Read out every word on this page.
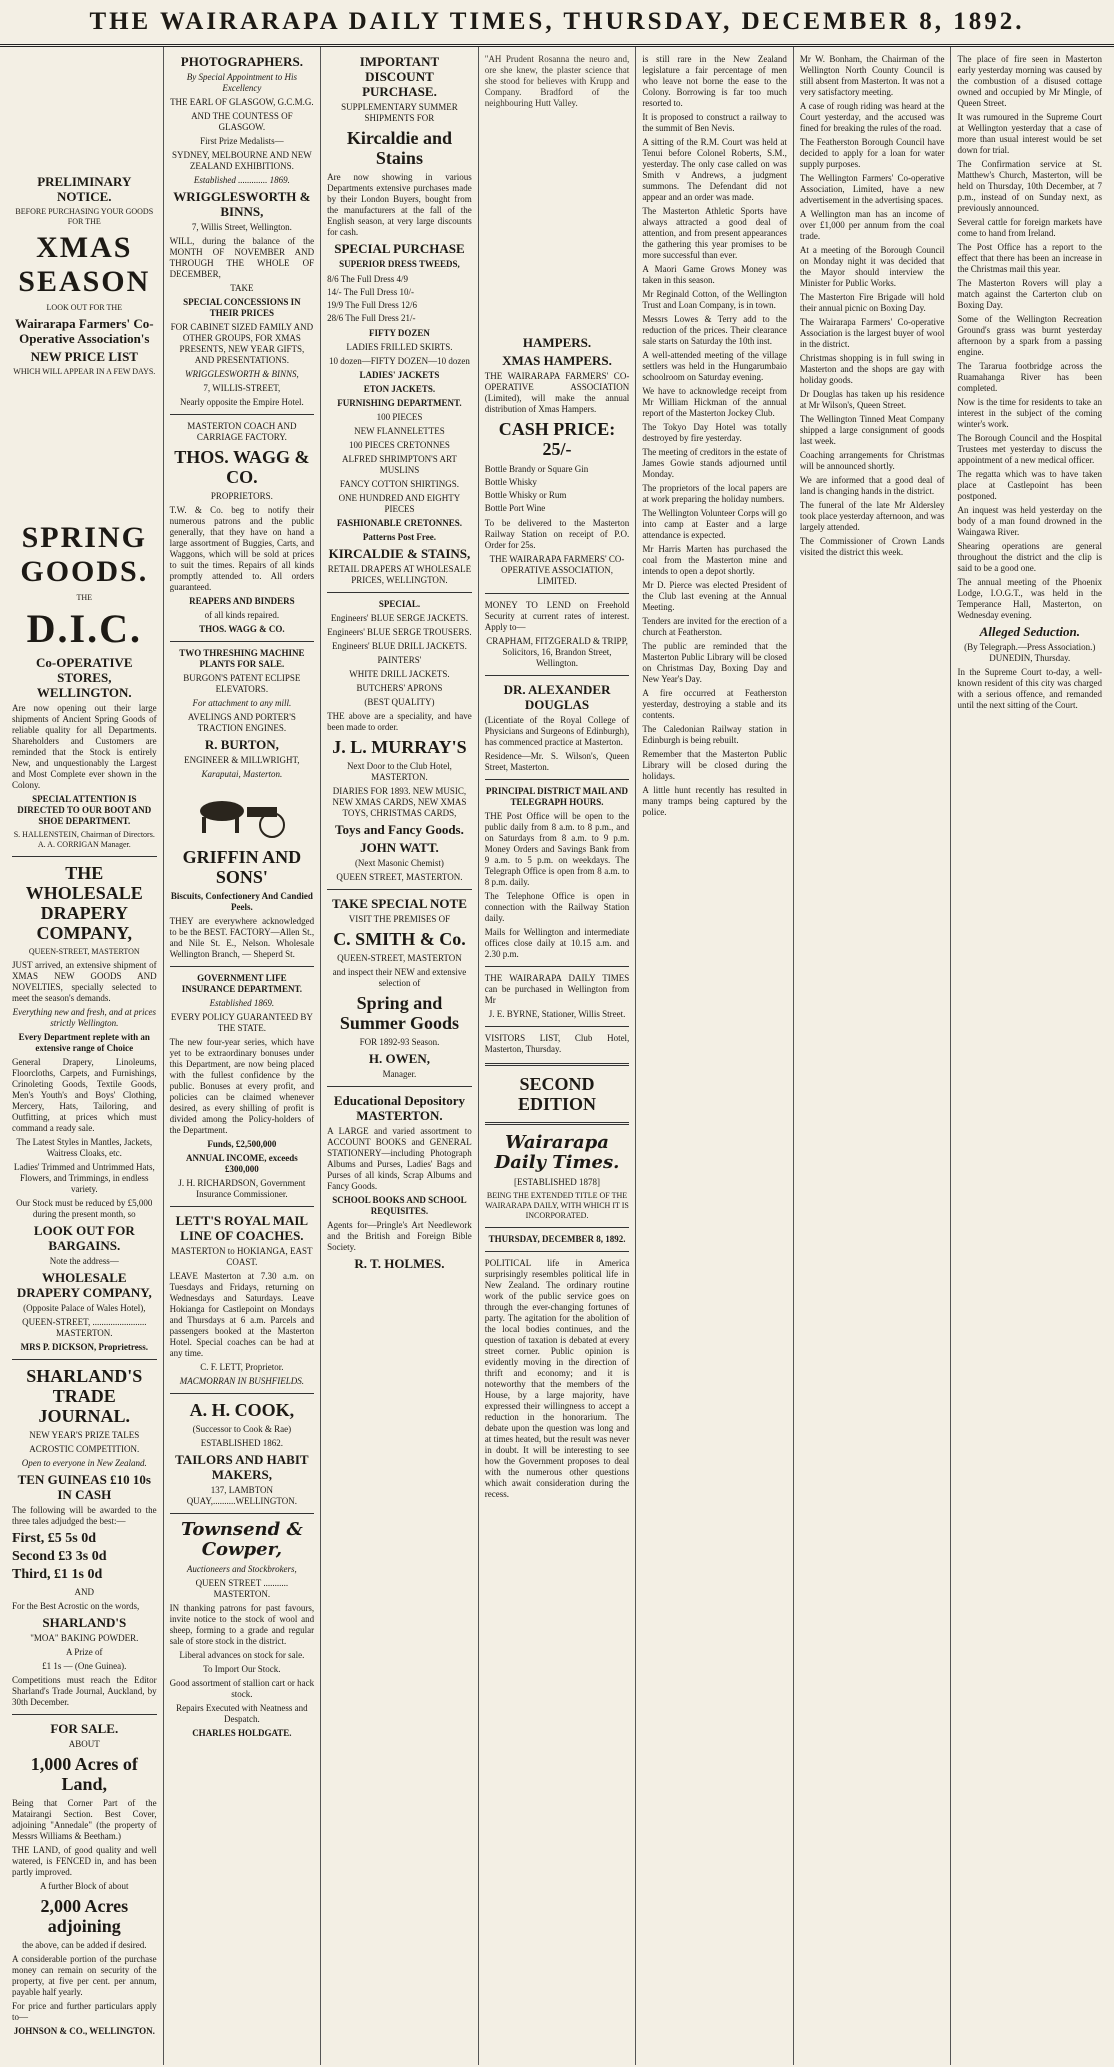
THE WAIRARAPA DAILY TIMES, THURSDAY, DECEMBER 8, 1892.
PRELIMINARY NOTICE.
BEFORE PURCHASING YOUR GOODS FOR THE
XMAS SEASON
LOOK OUT FOR THE
Wairarapa Farmers' Co-Operative Association's
NEW PRICE LIST
WHICH WILL APPEAR IN A FEW DAYS.
SPRING GOODS.
THE
D.I.C.
Co-OPERATIVE STORES, WELLINGTON.

Are now opening out their large shipments of Ancient Spring Goods of reliable quality for all Departments. Shareholders and Customers are reminded that the Stock is entirely New, and unquestionably the Largest and Most Complete ever shown in the Colony.

SPECIAL ATTENTION IS DIRECTED TO OUR BOOT AND SHOE DEPARTMENT.

S. HALLENSTEIN, Chairman of Directors. A. A. CORRIGAN Manager.

THE WHOLESALE DRAPERY COMPANY,
QUEEN-STREET, MASTERTON

JUST arrived, an extensive shipment of XMAS NEW GOODS AND NOVELTIES, specially selected to meet the season's demands.

Everything new and fresh, and at prices strictly Wellington.

Every Department replete with an extensive range of Choice

General Drapery, Linoleums, Floorcloths, Carpets, and Furnishings, Crinoleting Goods, Textile Goods, Men's Youth's and Boys' Clothing, Mercery, Hats, Tailoring, and Outfitting, at prices which must command a ready sale.

The Latest Styles in Mantles, Jackets, Waitress Cloaks, etc.

Ladies' Trimmed and Untrimmed Hats, Flowers, and Trimmings, in endless variety.

Our Stock must be reduced by £5,000 during the present month, so

LOOK OUT FOR BARGAINS.

Note the address—

WHOLESALE DRAPERY COMPANY,

(Opposite Palace of Wales Hotel),

QUEEN-STREET, ........................ MASTERTON.

MRS P. DICKSON, Proprietress.

SHARLAND'S TRADE JOURNAL.

NEW YEAR'S PRIZE TALES

ACROSTIC COMPETITION.

Open to everyone in New Zealand.

TEN GUINEAS £10 10s IN CASH

The following will be awarded to the three tales adjudged the best:—

First, £5 5s 0d
Second £3 3s 0d
Third, £1 1s 0d

AND

For the Best Acrostic on the words,

SHARLAND'S

"MOA" BAKING POWDER.

A Prize of

£1 1s — (One Guinea).

Competitions must reach the Editor Sharland's Trade Journal, Auckland, by 30th December.

FOR SALE.

ABOUT

1,000 Acres of Land,

Being that Corner Part of the Matairangi Section. Best Cover, adjoining "Annedale" (the property of Messrs Williams & Beetham.)

THE LAND, of good quality and well watered, is FENCED in, and has been partly improved.

A further Block of about

2,000 Acres adjoining

the above, can be added if desired.

A considerable portion of the purchase money can remain on security of the property, at five per cent. per annum, payable half yearly.

For price and further particulars apply to—

JOHNSON & CO., WELLINGTON.

PHOTOGRAPHERS.

By Special Appointment to His Excellency

THE EARL OF GLASGOW, G.C.M.G.

AND THE COUNTESS OF GLASGOW.

First Prize Medalists—

SYDNEY, MELBOURNE AND NEW ZEALAND EXHIBITIONS.

Established ............. 1869.

WRIGGLESWORTH & BINNS,

7, Willis Street, Wellington.

WILL, during the balance of the MONTH OF NOVEMBER AND THROUGH THE WHOLE OF DECEMBER,

TAKE

SPECIAL CONCESSIONS IN THEIR PRICES

FOR CABINET SIZED FAMILY AND OTHER GROUPS, FOR XMAS PRESENTS, NEW YEAR GIFTS, AND PRESENTATIONS.

WRIGGLESWORTH & BINNS,

7, WILLIS-STREET,

Nearly opposite the Empire Hotel.

MASTERTON COACH AND CARRIAGE FACTORY.

THOS. WAGG & CO.

PROPRIETORS.

T.W. & Co. beg to notify their numerous patrons and the public generally, that they have on hand a large assortment of Buggies, Carts, and Waggons, which will be sold at prices to suit the times. Repairs of all kinds promptly attended to. All orders guaranteed.

REAPERS AND BINDERS

of all kinds repaired.

THOS. WAGG & CO.

TWO THRESHING MACHINE PLANTS FOR SALE.

BURGON'S PATENT ECLIPSE ELEVATORS.

For attachment to any mill.

AVELINGS AND PORTER'S TRACTION ENGINES.

R. BURTON,

ENGINEER & MILLWRIGHT,

Karaputai, Masterton.

GRIFFIN AND SONS'

Biscuits, Confectionery And Candied Peels.

THEY are everywhere acknowledged to be the BEST. FACTORY—Allen St., and Nile St. E., Nelson. Wholesale Wellington Branch, — Sheperd St.

GOVERNMENT LIFE INSURANCE DEPARTMENT.

Established 1869.

EVERY POLICY GUARANTEED BY THE STATE.

The new four-year series, which have yet to be extraordinary bonuses under this Department, are now being placed with the fullest confidence by the public. Bonuses at every profit, and policies can be claimed whenever desired, as every shilling of profit is divided among the Policy-holders of the Department.

Funds, £2,500,000

ANNUAL INCOME, exceeds £300,000

J. H. RICHARDSON, Government Insurance Commissioner.

LETT'S ROYAL MAIL LINE OF COACHES.

MASTERTON to HOKIANGA, EAST COAST.

LEAVE Masterton at 7.30 a.m. on Tuesdays and Fridays, returning on Wednesdays and Saturdays. Leave Hokianga for Castlepoint on Mondays and Thursdays at 6 a.m. Parcels and passengers booked at the Masterton Hotel. Special coaches can be had at any time.

C. F. LETT, Proprietor.

MACMORRAN IN BUSHFIELDS.

A. H. COOK,

(Successor to Cook & Rae)

ESTABLISHED 1862.

TAILORS AND HABIT MAKERS,

137, LAMBTON QUAY,..........WELLINGTON.

Townsend & Cowper,

Auctioneers and Stockbrokers,

QUEEN STREET ........... MASTERTON.

IN thanking patrons for past favours, invite notice to the stock of wool and sheep, forming to a grade and regular sale of store stock in the district.

Liberal advances on stock for sale.

To Import Our Stock.

Good assortment of stallion cart or hack stock.

Repairs Executed with Neatness and Despatch.

CHARLES HOLDGATE.

IMPORTANT DISCOUNT PURCHASE.

SUPPLEMENTARY SUMMER SHIPMENTS FOR

Kircaldie and Stains

Are now showing in various Departments extensive purchases made by their London Buyers, bought from the manufacturers at the fall of the English season, at very large discounts for cash.

SPECIAL PURCHASE

SUPERIOR DRESS TWEEDS,

8/6 The Full Dress 4/9
14/- The Full Dress 10/-
19/9 The Full Dress 12/6
28/6 The Full Dress 21/-

FIFTY DOZEN

LADIES FRILLED SKIRTS.

10 dozen—FIFTY DOZEN—10 dozen

LADIES' JACKETS

ETON JACKETS.

FURNISHING DEPARTMENT.

100 PIECES

NEW FLANNELETTES

100 PIECES CRETONNES

ALFRED SHRIMPTON'S ART MUSLINS

FANCY COTTON SHIRTINGS.

ONE HUNDRED AND EIGHTY PIECES

FASHIONABLE CRETONNES.

Patterns Post Free.

KIRCALDIE & STAINS,

RETAIL DRAPERS AT WHOLESALE PRICES, WELLINGTON.

SPECIAL.

Engineers' BLUE SERGE JACKETS.

Engineers' BLUE SERGE TROUSERS.

Engineers' BLUE DRILL JACKETS.

PAINTERS'

WHITE DRILL JACKETS.

BUTCHERS' APRONS

(BEST QUALITY)

THE above are a speciality, and have been made to order.

J. L. MURRAY'S

Next Door to the Club Hotel, MASTERTON.

DIARIES FOR 1893. NEW MUSIC, NEW XMAS CARDS, NEW XMAS TOYS, CHRISTMAS CARDS,

Toys and Fancy Goods.
JOHN WATT.

(Next Masonic Chemist)

QUEEN STREET, MASTERTON.

TAKE SPECIAL NOTE

VISIT THE PREMISES OF

C. SMITH & Co.

QUEEN-STREET, MASTERTON

and inspect their NEW and extensive selection of

Spring and Summer Goods

FOR 1892-93 Season.

H. OWEN,

Manager.

Educational Depository MASTERTON.

A LARGE and varied assortment to ACCOUNT BOOKS and GENERAL STATIONERY—including Photograph Albums and Purses, Ladies' Bags and Purses of all kinds, Scrap Albums and Fancy Goods.

SCHOOL BOOKS AND SCHOOL REQUISITES.

Agents for—Pringle's Art Needlework and the British and Foreign Bible Society.

R. T. HOLMES.

"AH Prudent Rosanna the neuro and, ore she knew, the plaster science that she stood for believes with Krupp and Company. Bradford of the neighbouring Hutt Valley.

HAMPERS.
XMAS HAMPERS.

THE WAIRARAPA FARMERS' CO-OPERATIVE ASSOCIATION (Limited), will make the annual distribution of Xmas Hampers.

CASH PRICE: 25/-
Bottle Brandy or Square Gin
Bottle Whisky
Bottle Whisky or Rum
Bottle Port Wine

To be delivered to the Masterton Railway Station on receipt of P.O. Order for 25s.

THE WAIRARAPA FARMERS' CO-OPERATIVE ASSOCIATION, LIMITED.

MONEY TO LEND on Freehold Security at current rates of interest. Apply to—

CRAPHAM, FITZGERALD & TRIPP, Solicitors, 16, Brandon Street, Wellington.

DR. ALEXANDER DOUGLAS

(Licentiate of the Royal College of Physicians and Surgeons of Edinburgh), has commenced practice at Masterton.

Residence—Mr. S. Wilson's, Queen Street, Masterton.

PRINCIPAL DISTRICT MAIL AND TELEGRAPH HOURS.

THE Post Office will be open to the public daily from 8 a.m. to 8 p.m., and on Saturdays from 8 a.m. to 9 p.m. Money Orders and Savings Bank from 9 a.m. to 5 p.m. on weekdays. The Telegraph Office is open from 8 a.m. to 8 p.m. daily.

The Telephone Office is open in connection with the Railway Station daily.

Mails for Wellington and intermediate offices close daily at 10.15 a.m. and 2.30 p.m.

THE WAIRARAPA DAILY TIMES can be purchased in Wellington from Mr

J. E. BYRNE, Stationer, Willis Street.

VISITORS LIST, Club Hotel, Masterton, Thursday.

SECOND EDITION
Wairarapa Daily Times.

[ESTABLISHED 1878]

BEING THE EXTENDED TITLE OF THE WAIRARAPA DAILY, WITH WHICH IT IS INCORPORATED.

THURSDAY, DECEMBER 8, 1892.

POLITICAL life in America surprisingly resembles political life in New Zealand. The ordinary routine work of the public service goes on through the ever-changing fortunes of party. The agitation for the abolition of the local bodies continues, and the question of taxation is debated at every street corner. Public opinion is evidently moving in the direction of thrift and economy; and it is noteworthy that the members of the House, by a large majority, have expressed their willingness to accept a reduction in the honorarium. The debate upon the question was long and at times heated, but the result was never in doubt. It will be interesting to see how the Government proposes to deal with the numerous other questions which await consideration during the recess.

is still rare in the New Zealand legislature a fair percentage of men who leave not borne the ease to the Colony. Borrowing is far too much resorted to.

It is proposed to construct a railway to the summit of Ben Nevis.

A sitting of the R.M. Court was held at Tenui before Colonel Roberts, S.M., yesterday. The only case called on was Smith v Andrews, a judgment summons. The Defendant did not appear and an order was made.

The Masterton Athletic Sports have always attracted a good deal of attention, and from present appearances the gathering this year promises to be more successful than ever.

A Maori Game Grows Money was taken in this season.

Mr Reginald Cotton, of the Wellington Trust and Loan Company, is in town.

Messrs Lowes & Terry add to the reduction of the prices. Their clearance sale starts on Saturday the 10th inst.

A well-attended meeting of the village settlers was held in the Hungarumbaio schoolroom on Saturday evening.

We have to acknowledge receipt from Mr William Hickman of the annual report of the Masterton Jockey Club.

The Tokyo Day Hotel was totally destroyed by fire yesterday.

The meeting of creditors in the estate of James Gowie stands adjourned until Monday.

The proprietors of the local papers are at work preparing the holiday numbers.

The Wellington Volunteer Corps will go into camp at Easter and a large attendance is expected.

Mr Harris Marten has purchased the coal from the Masterton mine and intends to open a depot shortly.

Mr D. Pierce was elected President of the Club last evening at the Annual Meeting.

Tenders are invited for the erection of a church at Featherston.

The public are reminded that the Masterton Public Library will be closed on Christmas Day, Boxing Day and New Year's Day.

A fire occurred at Featherston yesterday, destroying a stable and its contents.

The Caledonian Railway station in Edinburgh is being rebuilt.

Remember that the Masterton Public Library will be closed during the holidays.

A little hunt recently has resulted in many tramps being captured by the police.

Mr W. Bonham, the Chairman of the Wellington North County Council is still absent from Masterton. It was not a very satisfactory meeting.

A case of rough riding was heard at the Court yesterday, and the accused was fined for breaking the rules of the road.

The Featherston Borough Council have decided to apply for a loan for water supply purposes.

The Wellington Farmers' Co-operative Association, Limited, have a new advertisement in the advertising spaces.

A Wellington man has an income of over £1,000 per annum from the coal trade.

At a meeting of the Borough Council on Monday night it was decided that the Mayor should interview the Minister for Public Works.

The Masterton Fire Brigade will hold their annual picnic on Boxing Day.

The Wairarapa Farmers' Co-operative Association is the largest buyer of wool in the district.

Christmas shopping is in full swing in Masterton and the shops are gay with holiday goods.

Dr Douglas has taken up his residence at Mr Wilson's, Queen Street.

The Wellington Tinned Meat Company shipped a large consignment of goods last week.

Coaching arrangements for Christmas will be announced shortly.

We are informed that a good deal of land is changing hands in the district.

The funeral of the late Mr Aldersley took place yesterday afternoon, and was largely attended.

The Commissioner of Crown Lands visited the district this week.

The place of fire seen in Masterton early yesterday morning was caused by the combustion of a disused cottage owned and occupied by Mr Mingle, of Queen Street.

It was rumoured in the Supreme Court at Wellington yesterday that a case of more than usual interest would be set down for trial.

The Confirmation service at St. Matthew's Church, Masterton, will be held on Thursday, 10th December, at 7 p.m., instead of on Sunday next, as previously announced.

Several cattle for foreign markets have come to hand from Ireland.

The Post Office has a report to the effect that there has been an increase in the Christmas mail this year.

The Masterton Rovers will play a match against the Carterton club on Boxing Day.

Some of the Wellington Recreation Ground's grass was burnt yesterday afternoon by a spark from a passing engine.

The Tararua footbridge across the Ruamahanga River has been completed.

Now is the time for residents to take an interest in the subject of the coming winter's work.

The Borough Council and the Hospital Trustees met yesterday to discuss the appointment of a new medical officer.

The regatta which was to have taken place at Castlepoint has been postponed.

An inquest was held yesterday on the body of a man found drowned in the Waingawa River.

Shearing operations are general throughout the district and the clip is said to be a good one.

The annual meeting of the Phoenix Lodge, I.O.G.T., was held in the Temperance Hall, Masterton, on Wednesday evening.

Alleged Seduction.

(By Telegraph.—Press Association.) DUNEDIN, Thursday.

In the Supreme Court to-day, a well-known resident of this city was charged with a serious offence, and remanded until the next sitting of the Court.
